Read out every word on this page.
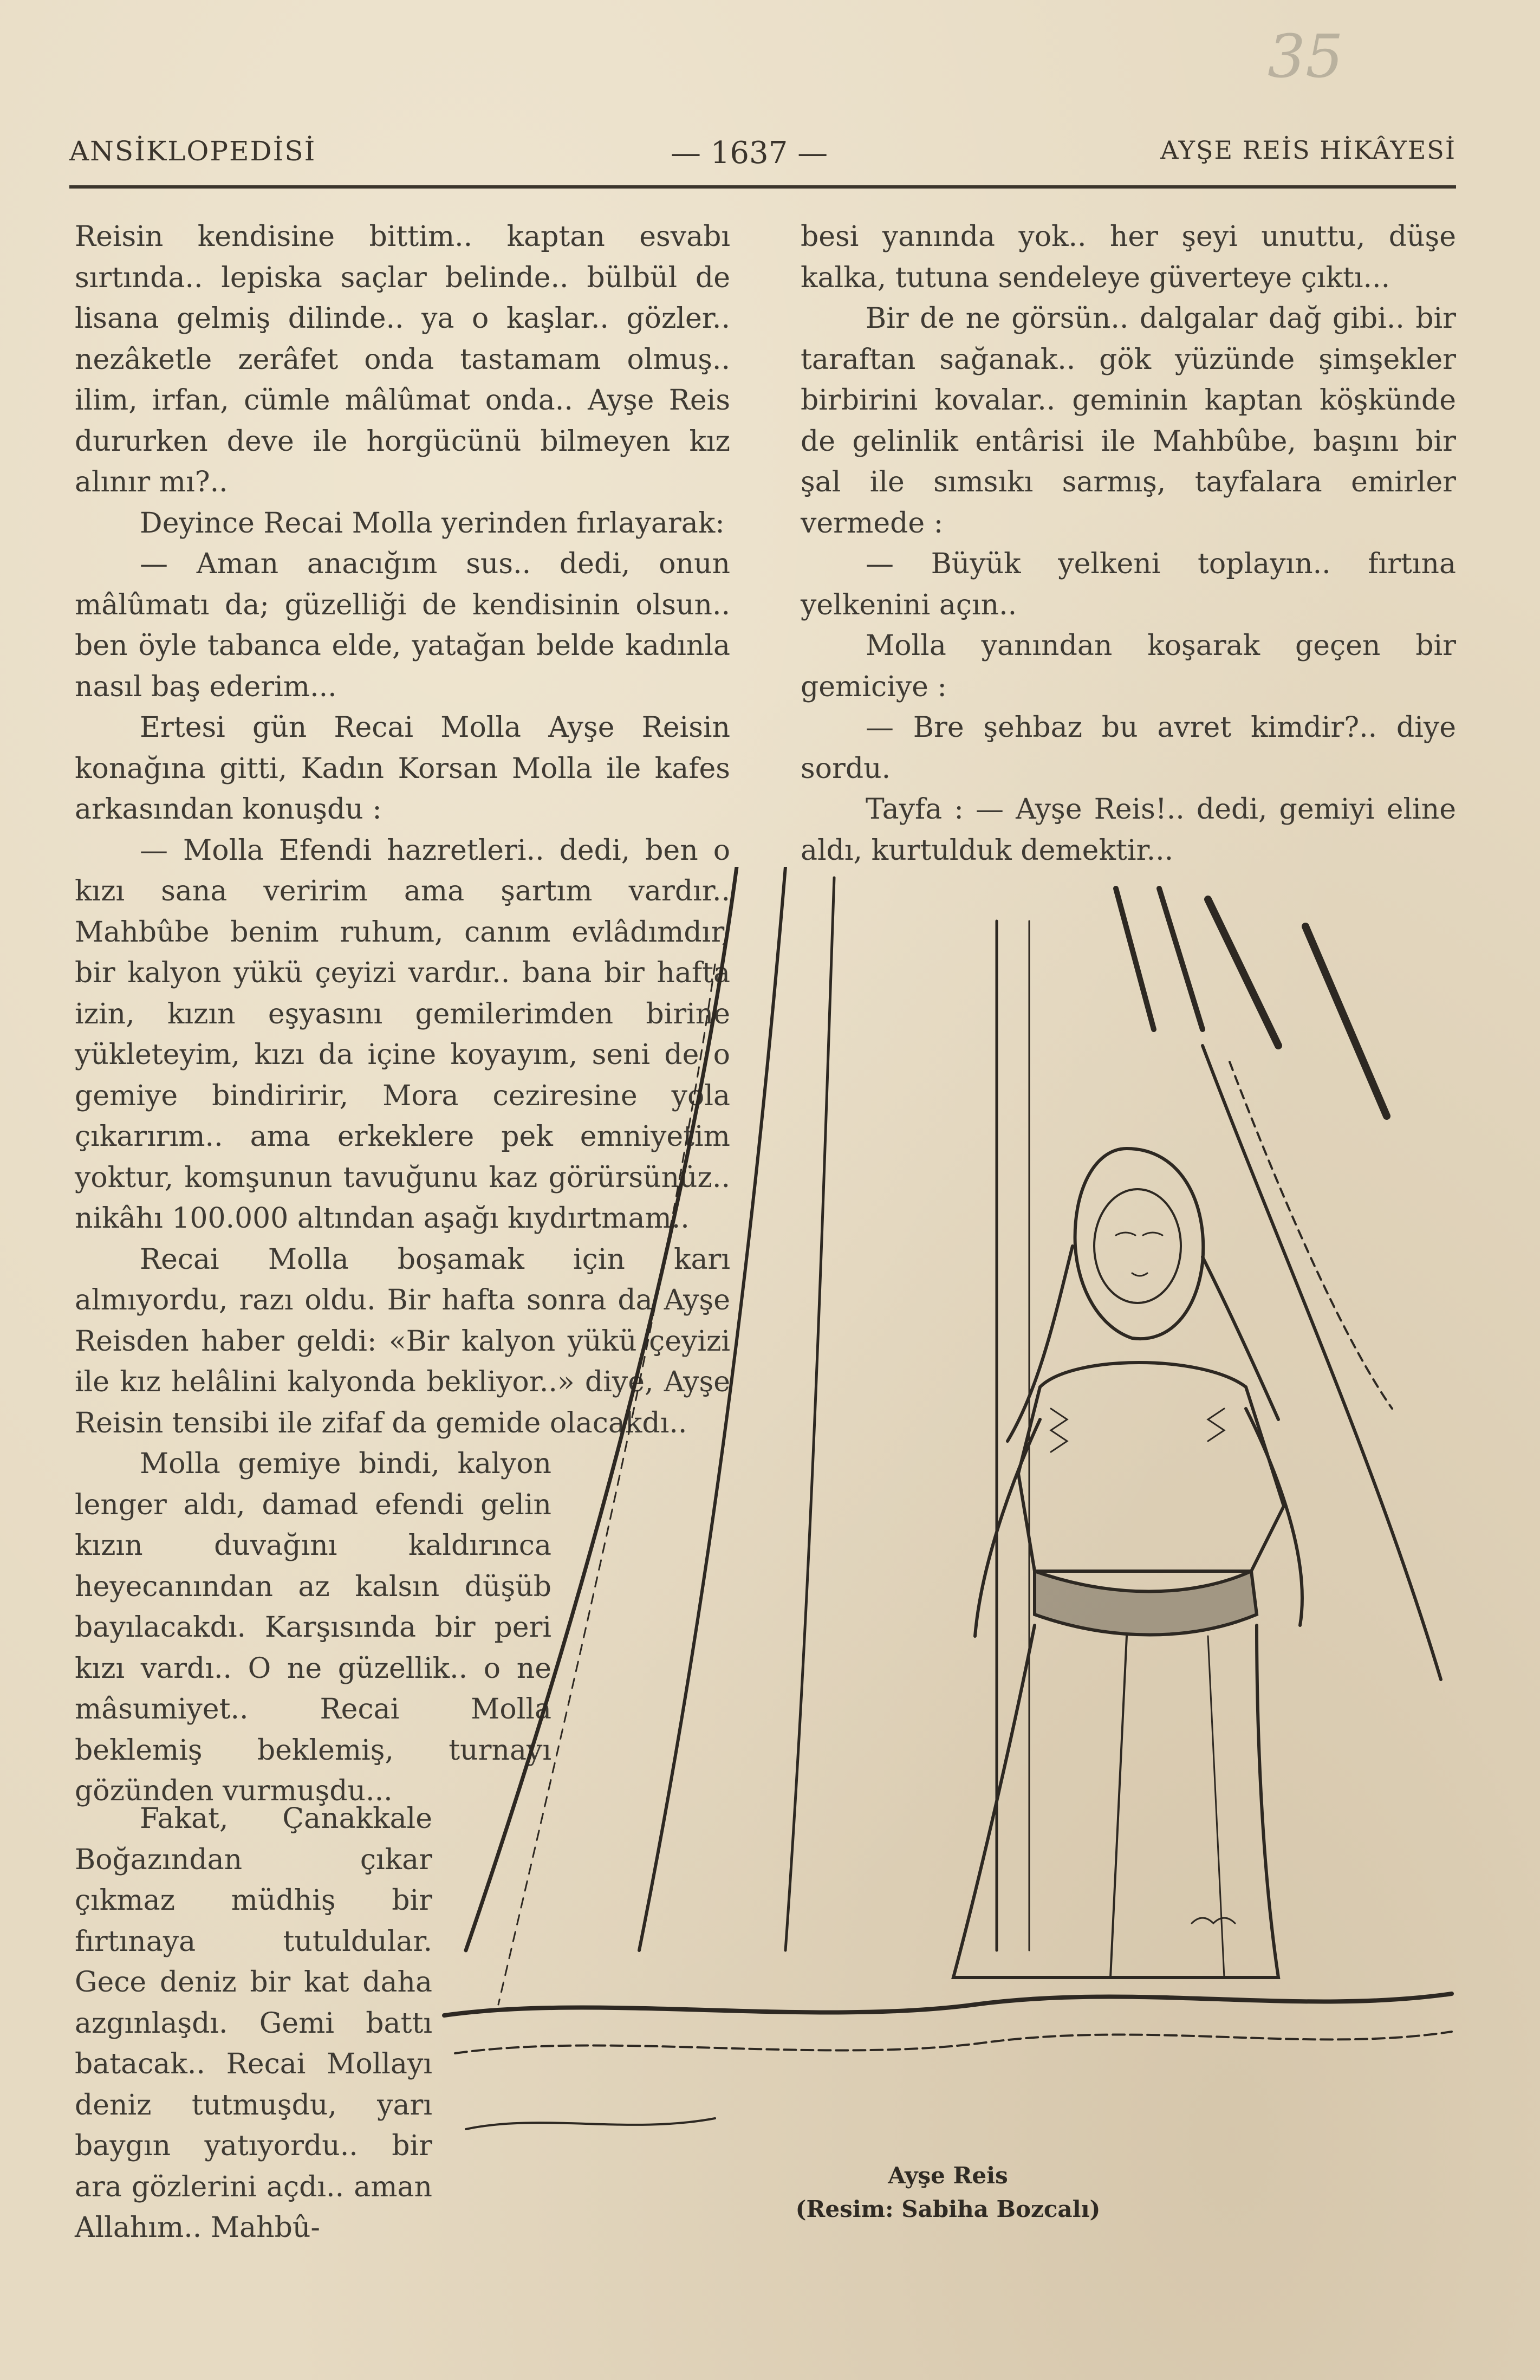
35
ANSİKLOPEDİSİ	— 1637 —	AYŞE REİS HİKÂYESİ

Reisin kendisine bittim.. kaptan esvabı sırtında.. lepiska saçlar belinde.. bülbül de lisana gelmiş dilinde.. ya o kaşlar.. gözler.. nezâketle zerâfet onda tastamam olmuş.. ilim, irfan, cümle mâlûmat onda.. Ayşe Reis dururken deve ile horgücünü bilmeyen kız alınır mı?..

Deyince Recai Molla yerinden fırlayarak:

— Aman anacığım sus.. dedi, onun mâlûmatı da; güzelliği de kendisinin olsun.. ben öyle tabanca elde, yatağan belde kadınla nasıl baş ederim...

Ertesi gün Recai Molla Ayşe Reisin konağına gitti, Kadın Korsan Molla ile kafes arkasından konuşdu :

— Molla Efendi hazretleri.. dedi, ben o kızı sana veririm ama şartım vardır.. Mahbûbe benim ruhum, canım evlâdımdır, bir kalyon yükü çeyizi vardır.. bana bir hafta izin, kızın eşyasını gemilerimden birine yükleteyim, kızı da içine koyayım, seni de o gemiye bindiririr, Mora ceziresine yola çıkarırım.. ama erkeklere pek emniyetim yoktur, komşunun tavuğunu kaz görürsünüz.. nikâhı 100.000 altından aşağı kıydırtmam..

Recai Molla boşamak için karı almıyordu, razı oldu. Bir hafta sonra da Ayşe Reisden haber geldi: «Bir kalyon yükü çeyizi ile kız helâlini kalyonda bekliyor..» diye, Ayşe Reisin tensibi ile zifaf da gemide olacakdı..

Molla gemiye bindi, kalyon lenger aldı, damad efendi gelin kızın duvağını kaldırınca heyecanından az kalsın düşüb bayılacakdı. Karşısında bir peri kızı vardı.. O ne güzellik.. o ne mâsumiyet.. Recai Molla beklemiş beklemiş, turnayı gözünden vurmuşdu...

Fakat, Çanakkale Boğazından çıkar çıkmaz müdhiş bir fırtınaya tutuldular. Gece deniz bir kat daha azgınlaşdı. Gemi battı batacak.. Recai Mollayı deniz tutmuşdu, yarı baygın yatıyordu.. bir ara gözlerini açdı.. aman Allahım.. Mahbû-

besi yanında yok.. her şeyi unuttu, düşe kalka, tutuna sendeleye güverteye çıktı...

Bir de ne görsün.. dalgalar dağ gibi.. bir taraftan sağanak.. gök yüzünde şimşekler birbirini kovalar.. geminin kaptan köşkünde de gelinlik entârisi ile Mahbûbe, başını bir şal ile sımsıkı sarmış, tayfalara emirler vermede :

— Büyük yelkeni toplayın.. fırtına yelkenini açın..

Molla yanından koşarak geçen bir gemiciye :

— Bre şehbaz bu avret kimdir?.. diye sordu.

Tayfa : — Ayşe Reis!.. dedi, gemiyi eline aldı, kurtulduk demektir...

Ayşe Reis
(Resim: Sabiha Bozcalı)
